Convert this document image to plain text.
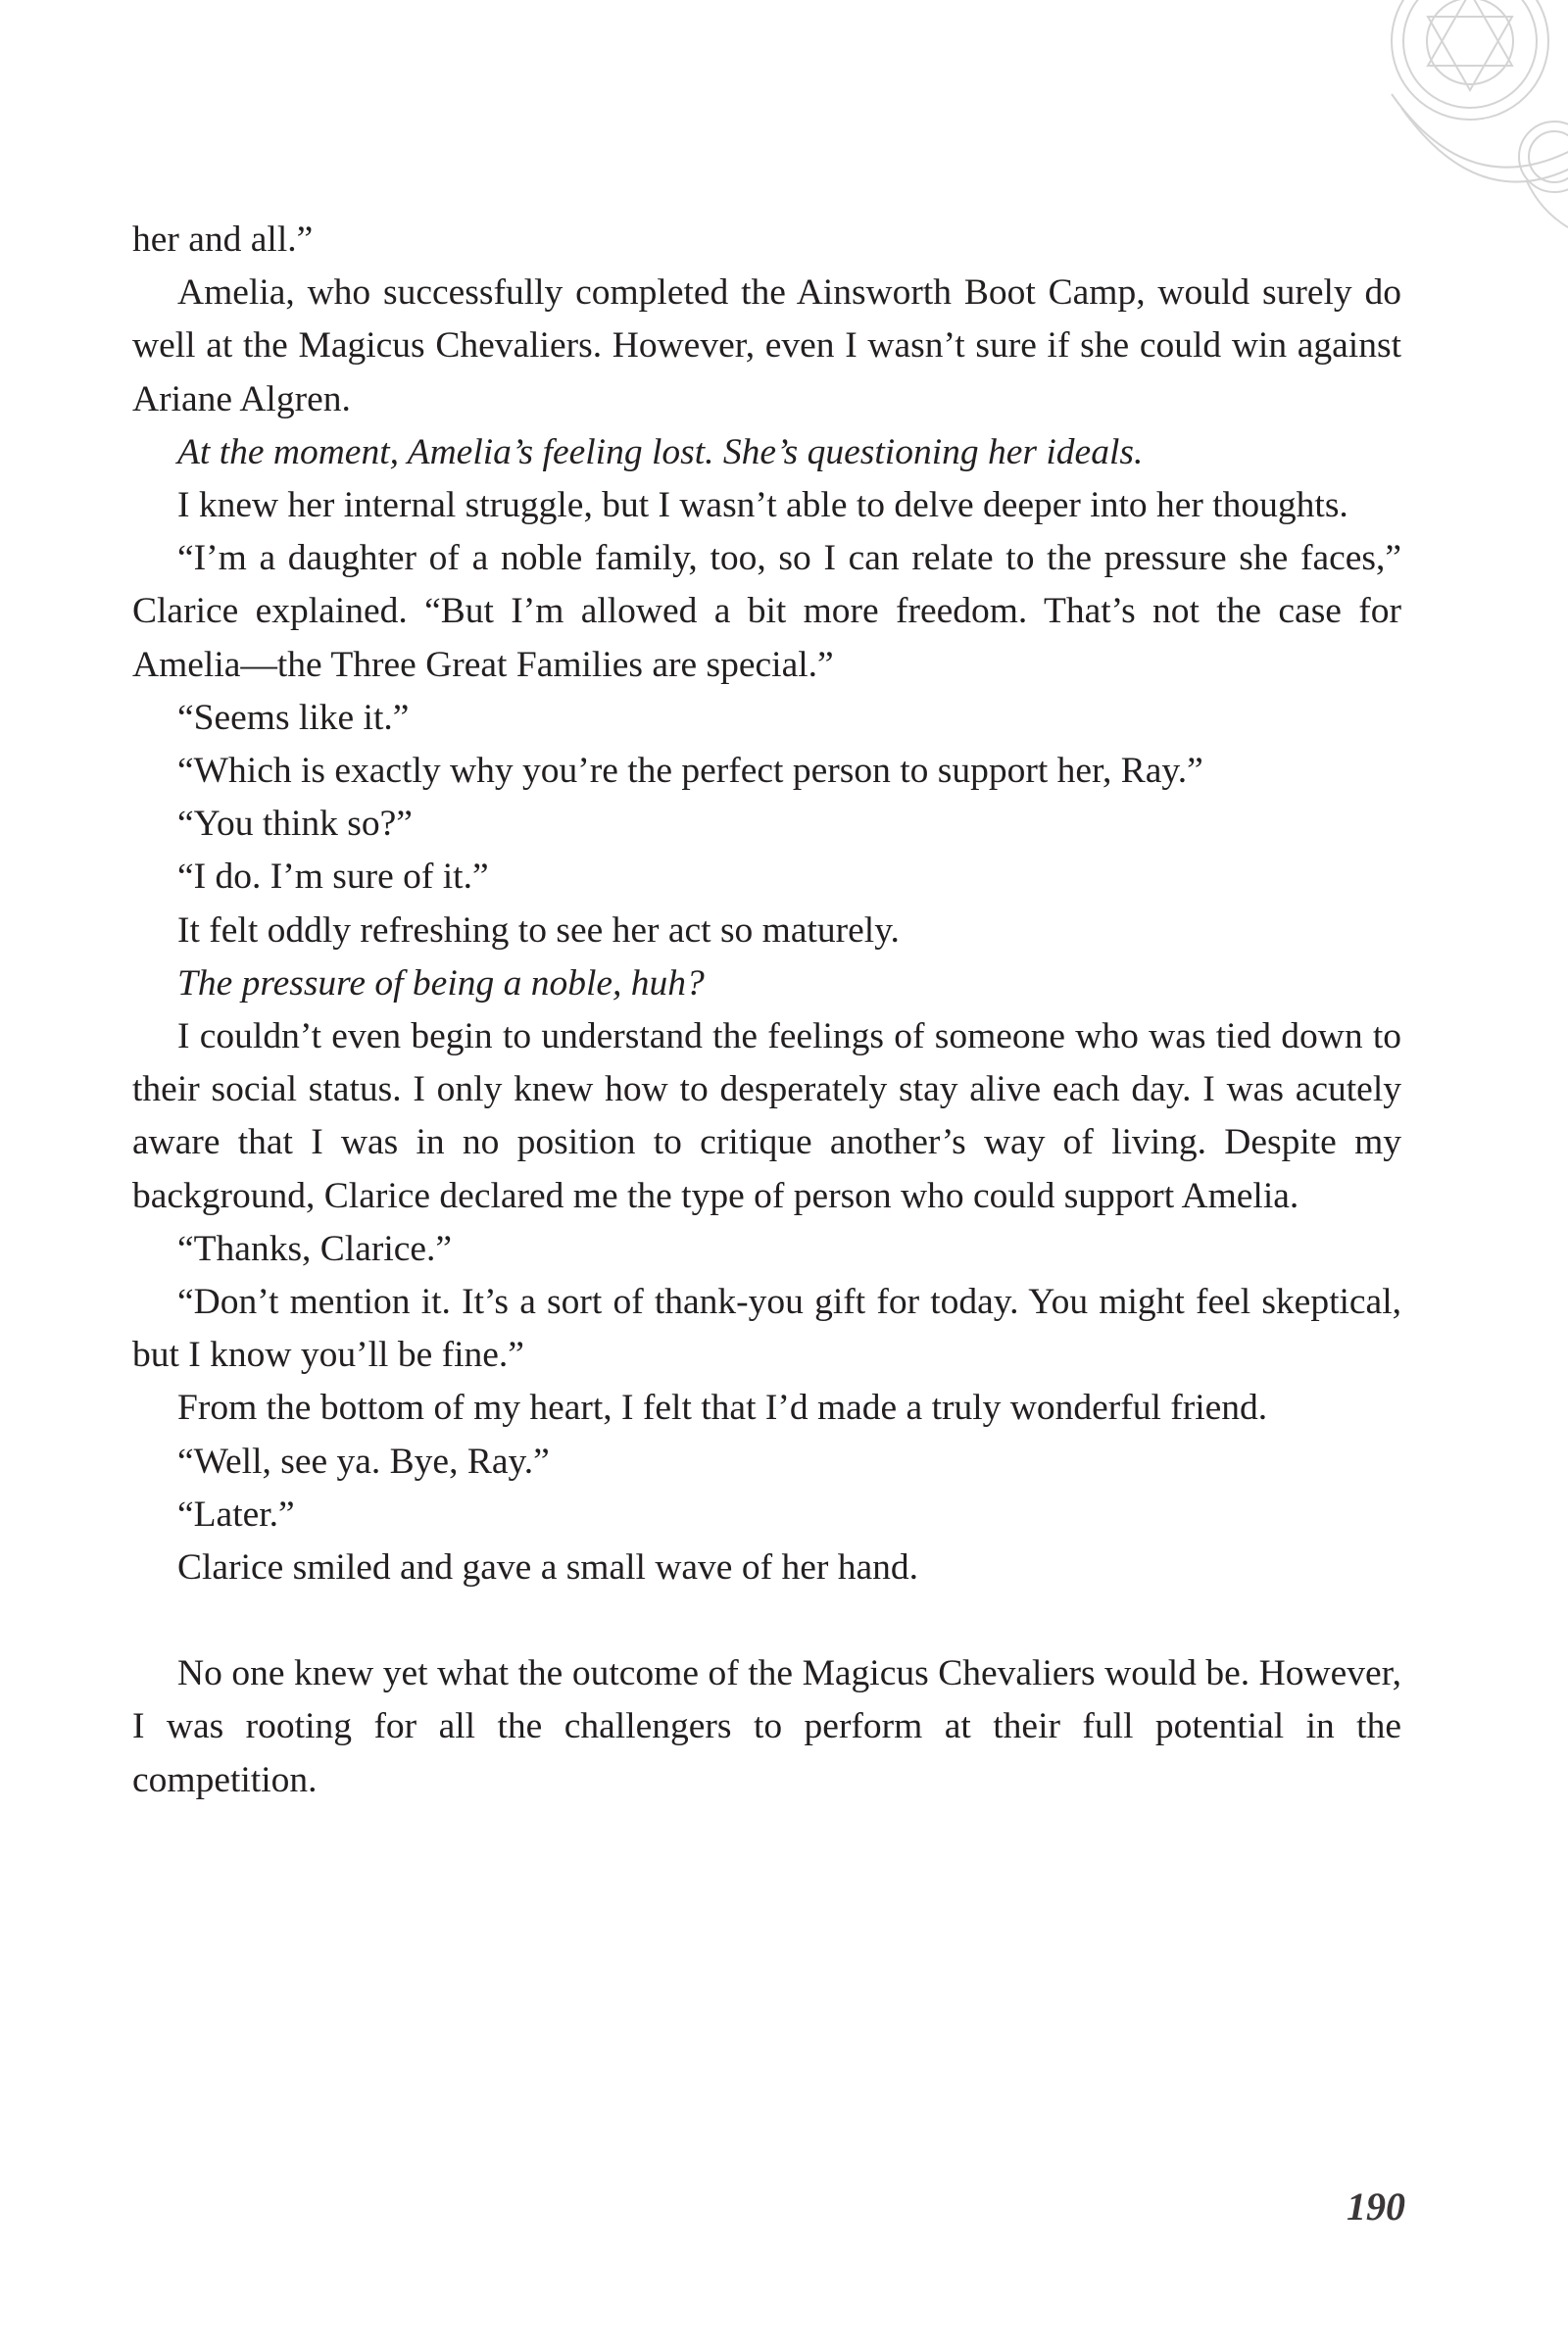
her and all.”

Amelia, who successfully completed the Ainsworth Boot Camp, would surely do well at the Magicus Chevaliers. However, even I wasn’t sure if she could win against Ariane Algren.

At the moment, Amelia’s feeling lost. She’s questioning her ideals.

I knew her internal struggle, but I wasn’t able to delve deeper into her thoughts.

“I’m a daughter of a noble family, too, so I can relate to the pressure she faces,” Clarice explained. “But I’m allowed a bit more freedom. That’s not the case for Amelia—the Three Great Families are special.”

“Seems like it.”

“Which is exactly why you’re the perfect person to support her, Ray.”

“You think so?”

“I do. I’m sure of it.”

It felt oddly refreshing to see her act so maturely.

The pressure of being a noble, huh?

I couldn’t even begin to understand the feelings of someone who was tied down to their social status. I only knew how to desperately stay alive each day. I was acutely aware that I was in no position to critique another’s way of living. Despite my background, Clarice declared me the type of person who could support Amelia.

“Thanks, Clarice.”

“Don’t mention it. It’s a sort of thank-you gift for today. You might feel skeptical, but I know you’ll be fine.”

From the bottom of my heart, I felt that I’d made a truly wonderful friend.

“Well, see ya. Bye, Ray.”

“Later.”

Clarice smiled and gave a small wave of her hand.

No one knew yet what the outcome of the Magicus Chevaliers would be. However, I was rooting for all the challengers to perform at their full potential in the competition.

190
